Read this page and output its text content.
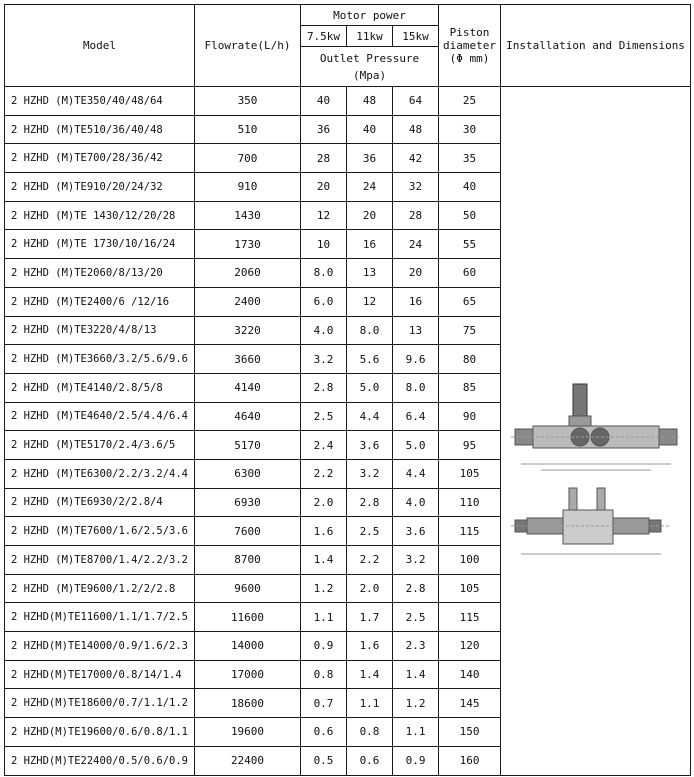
Model	Flowrate(L/h)	Motor power			Piston
diameter
(Φ mm)	Installation and Dimensions
		7.5kw	11kw	15kw		

		Outlet Pressure
(Mpa)				

2 HZHD (M)TE350/40/48/64	350	40	48	64	25	

2 HZHD (M)TE510/36/40/48	510	36	40	48	30	
2 HZHD (M)TE700/28/36/42	700	28	36	42	35	
2 HZHD (M)TE910/20/24/32	910	20	24	32	40	
2 HZHD (M)TE 1430/12/20/28	1430	12	20	28	50	
2 HZHD (M)TE 1730/10/16/24	1730	10	16	24	55	
2 HZHD (M)TE2060/8/13/20	2060	8.0	13	20	60	
2 HZHD (M)TE2400/6 /12/16	2400	6.0	12	16	65	
2 HZHD (M)TE3220/4/8/13	3220	4.0	8.0	13	75	
2 HZHD (M)TE3660/3.2/5.6/9.6	3660	3.2	5.6	9.6	80	
2 HZHD (M)TE4140/2.8/5/8	4140	2.8	5.0	8.0	85	
2 HZHD (M)TE4640/2.5/4.4/6.4	4640	2.5	4.4	6.4	90	
2 HZHD (M)TE5170/2.4/3.6/5	5170	2.4	3.6	5.0	95	
2 HZHD (M)TE6300/2.2/3.2/4.4	6300	2.2	3.2	4.4	105	
2 HZHD (M)TE6930/2/2.8/4	6930	2.0	2.8	4.0	110	
2 HZHD (M)TE7600/1.6/2.5/3.6	7600	1.6	2.5	3.6	115	
2 HZHD (M)TE8700/1.4/2.2/3.2	8700	1.4	2.2	3.2	100	
2 HZHD (M)TE9600/1.2/2/2.8	9600	1.2	2.0	2.8	105	
2 HZHD(M)TE11600/1.1/1.7/2.5	11600	1.1	1.7	2.5	115	
2 HZHD(M)TE14000/0.9/1.6/2.3	14000	0.9	1.6	2.3	120	
2 HZHD(M)TE17000/0.8/14/1.4	17000	0.8	1.4	1.4	140	
2 HZHD(M)TE18600/0.7/1.1/1.2	18600	0.7	1.1	1.2	145	
2 HZHD(M)TE19600/0.6/0.8/1.1	19600	0.6	0.8	1.1	150	
2 HZHD(M)TE22400/0.5/0.6/0.9	22400	0.5	0.6	0.9	160	
